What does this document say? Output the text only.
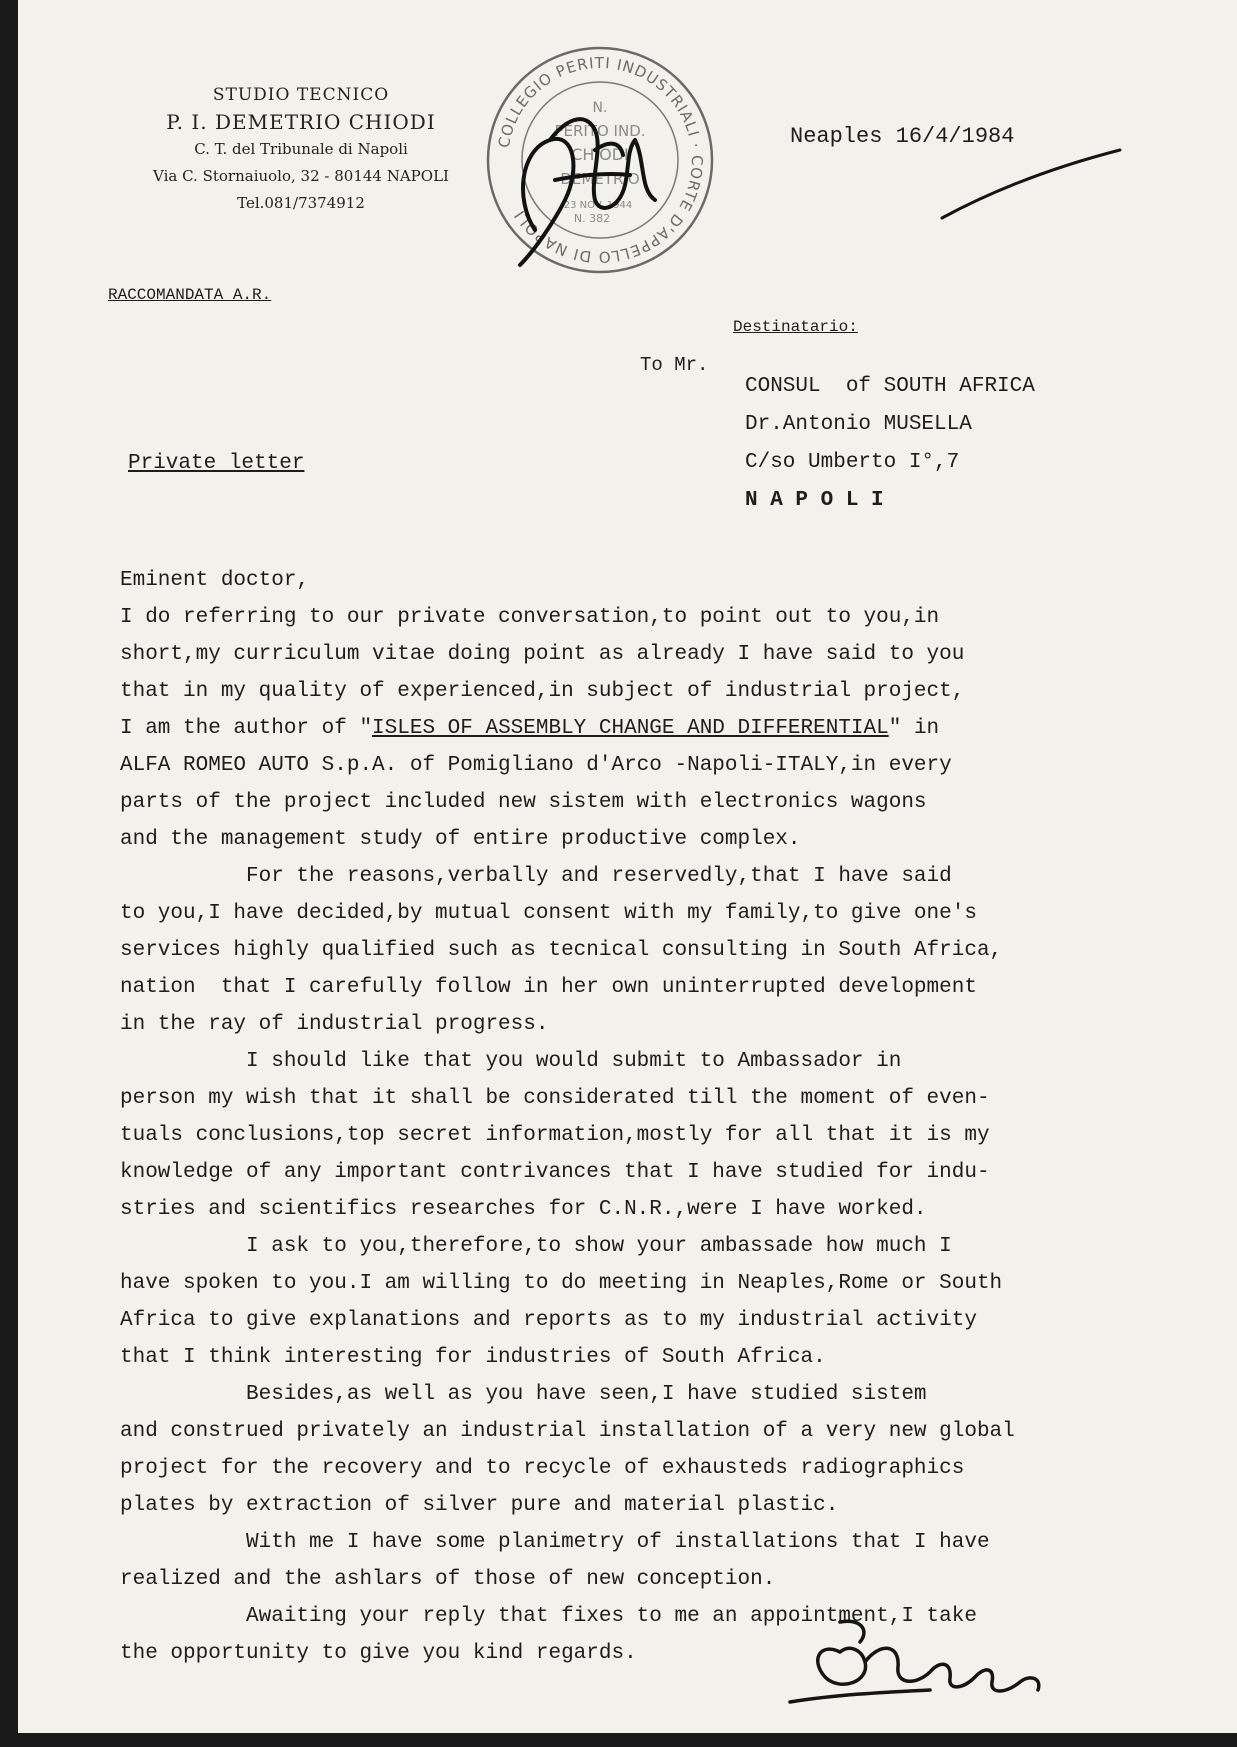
STUDIO TECNICO
P. I. DEMETRIO CHIODI
C. T. del Tribunale di Napoli
Via C. Stornaiuolo, 32 - 80144 NAPOLI
Tel.081/7374912
COLLEGIO PERITI INDUSTRIALI · CORTE D'APPELLO DI NAPOLI
N.
PERITO IND.
CHIODI
DEMETRIO
23 NOV. 1944
N. 382
Neaples 16/4/1984
RACCOMANDATA A.R.
Destinatario:
To Mr.
CONSUL  of SOUTH AFRICA
Dr.Antonio MUSELLA
C/so Umberto I°,7
N A P O L I
Private letter
Eminent doctor,
I do referring to our private conversation,to point out to you,in
short,my curriculum vitae doing point as already I have said to you
that in my quality of experienced,in subject of industrial project,
I am the author of "ISLES OF ASSEMBLY CHANGE AND DIFFERENTIAL" in
ALFA ROMEO AUTO S.p.A. of Pomigliano d'Arco -Napoli-ITALY,in every
parts of the project included new sistem with electronics wagons
and the management study of entire productive complex.
For the reasons,verbally and reservedly,that I have said
to you,I have decided,by mutual consent with my family,to give one's
services highly qualified such as tecnical consulting in South Africa,
nation  that I carefully follow in her own uninterrupted development
in the ray of industrial progress.
I should like that you would submit to Ambassador in
person my wish that it shall be considerated till the moment of even-
tuals conclusions,top secret information,mostly for all that it is my
knowledge of any important contrivances that I have studied for indu-
stries and scientifics researches for C.N.R.,were I have worked.
I ask to you,therefore,to show your ambassade how much I
have spoken to you.I am willing to do meeting in Neaples,Rome or South
Africa to give explanations and reports as to my industrial activity
that I think interesting for industries of South Africa.
Besides,as well as you have seen,I have studied sistem
and construed privately an industrial installation of a very new global
project for the recovery and to recycle of exhausteds radiographics
plates by extraction of silver pure and material plastic.
With me I have some planimetry of installations that I have
realized and the ashlars of those of new conception.
Awaiting your reply that fixes to me an appointment,I take
the opportunity to give you kind regards.
